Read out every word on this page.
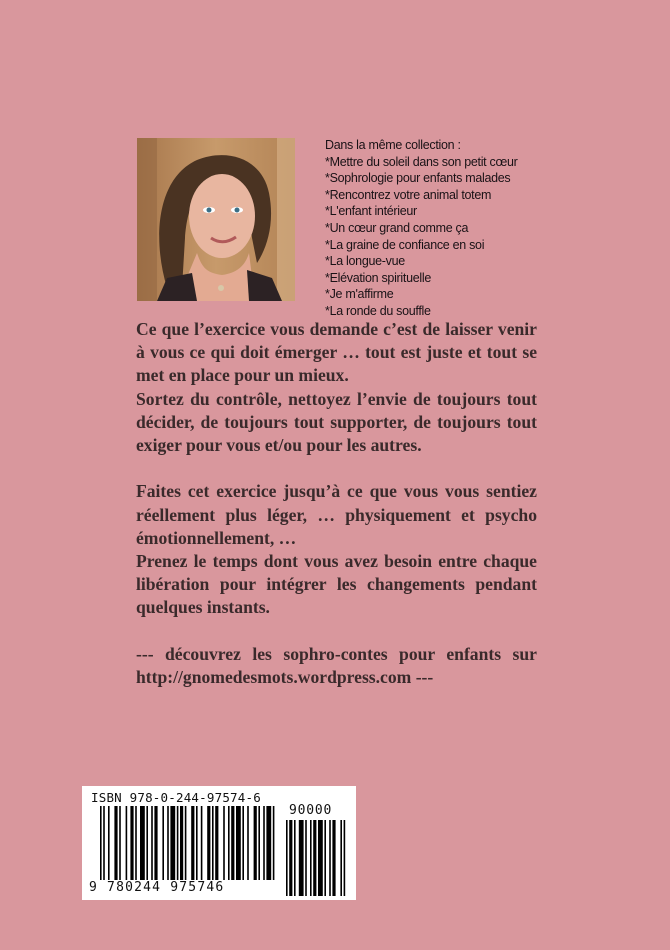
Dans la même collection :
* Mettre du soleil dans son petit cœur
* Sophrologie pour enfants malades
* Rencontrez votre animal totem
* L'enfant intérieur
* Un cœur grand comme ça
* La graine de confiance en soi
* La longue-vue
* Elévation spirituelle
* Je m'affirme
* La ronde du souffle

Ce que l’exercice vous demande c’est de laisser venir à vous ce qui doit émerger … tout est juste et tout se met en place pour un mieux.

Sortez du contrôle, nettoyez l’envie de toujours tout décider, de toujours tout supporter, de toujours tout exiger pour vous et/ou pour les autres.

Faites cet exercice jusqu’à ce que vous vous sentiez réellement plus léger, … physiquement et psycho émotionnellement, …

Prenez le temps dont vous avez besoin entre chaque libération pour intégrer les changements pendant quelques instants.

--- découvrez les sophro-contes pour enfants sur http://gnomedesmots.wordpress.com ---

ISBN 978-0-244-97574-6
90000
9 780244 975746
